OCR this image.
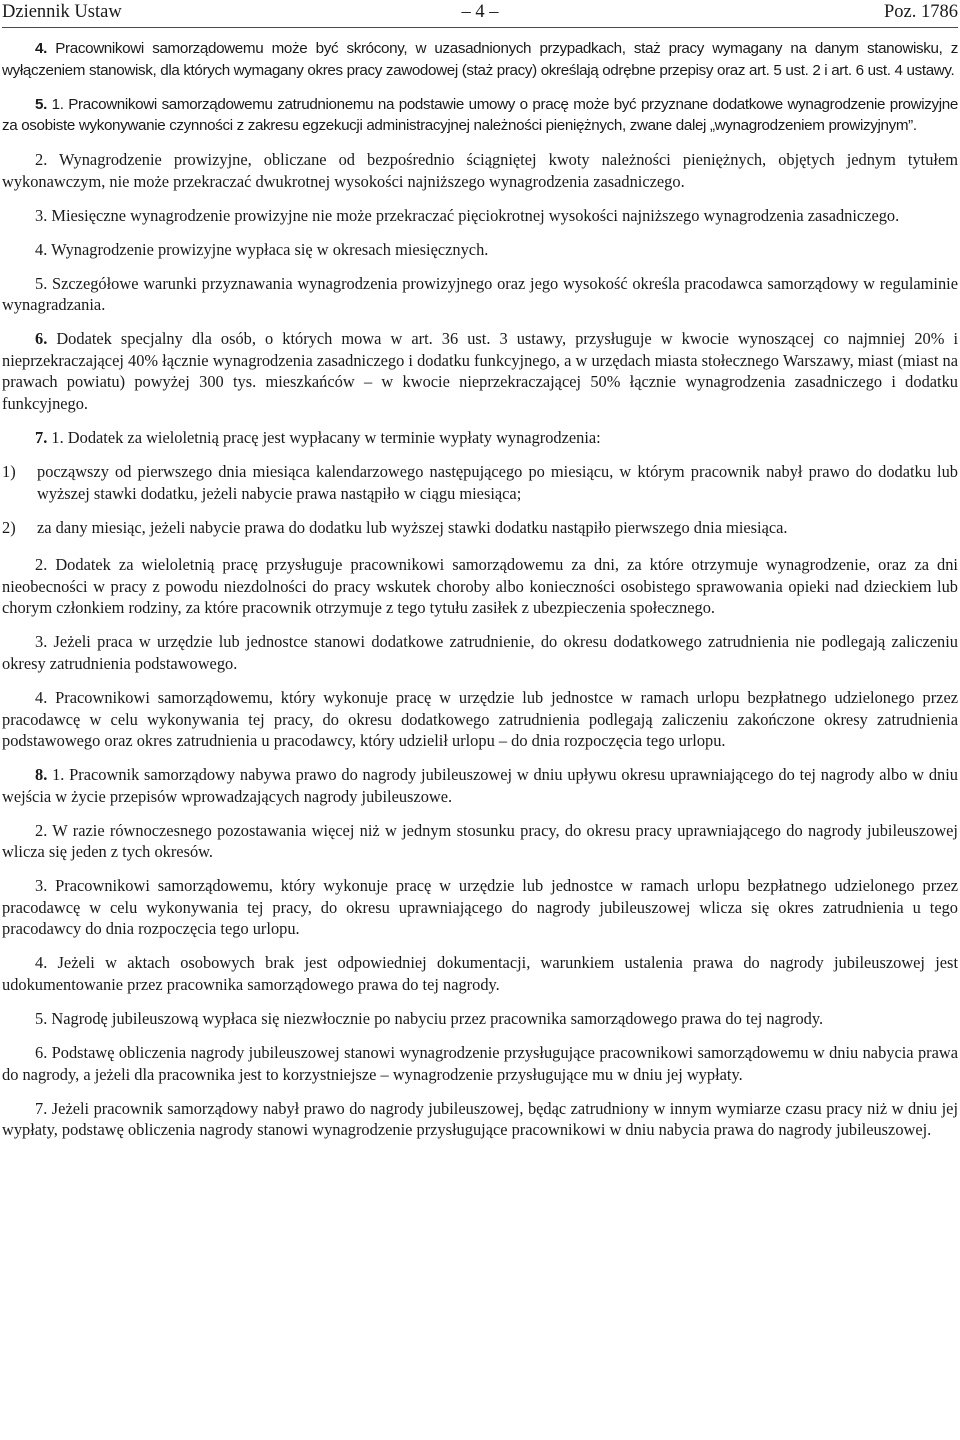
Dziennik Ustaw	– 4 –	Poz. 1786

4. Pracownikowi samorządowemu może być skrócony, w uzasadnionych przypadkach, staż pracy wymagany na danym stanowisku, z wyłączeniem stanowisk, dla których wymagany okres pracy zawodowej (staż pracy) określają odrębne przepisy oraz art. 5 ust. 2 i art. 6 ust. 4 ustawy.

5. 1. Pracownikowi samorządowemu zatrudnionemu na podstawie umowy o pracę może być przyznane dodatkowe wynagrodzenie prowizyjne za osobiste wykonywanie czynności z zakresu egzekucji administracyjnej należności pieniężnych, zwane dalej „wynagrodzeniem prowizyjnym”.

2. Wynagrodzenie prowizyjne, obliczane od bezpośrednio ściągniętej kwoty należności pieniężnych, objętych jednym tytułem wykonawczym, nie może przekraczać dwukrotnej wysokości najniższego wynagrodzenia zasadniczego.

3. Miesięczne wynagrodzenie prowizyjne nie może przekraczać pięciokrotnej wysokości najniższego wynagrodzenia zasadniczego.

4. Wynagrodzenie prowizyjne wypłaca się w okresach miesięcznych.

5. Szczegółowe warunki przyznawania wynagrodzenia prowizyjnego oraz jego wysokość określa pracodawca samorządowy w regulaminie wynagradzania.

6. Dodatek specjalny dla osób, o których mowa w art. 36 ust. 3 ustawy, przysługuje w kwocie wynoszącej co najmniej 20% i nieprzekraczającej 40% łącznie wynagrodzenia zasadniczego i dodatku funkcyjnego, a w urzędach miasta stołecznego Warszawy, miast (miast na prawach powiatu) powyżej 300 tys. mieszkańców – w kwocie nieprzekraczającej 50% łącznie wynagrodzenia zasadniczego i dodatku funkcyjnego.

7. 1. Dodatek za wieloletnią pracę jest wypłacany w terminie wypłaty wynagrodzenia:

1)	począwszy od pierwszego dnia miesiąca kalendarzowego następującego po miesiącu, w którym pracownik nabył prawo do dodatku lub wyższej stawki dodatku, jeżeli nabycie prawa nastąpiło w ciągu miesiąca;
2)	za dany miesiąc, jeżeli nabycie prawa do dodatku lub wyższej stawki dodatku nastąpiło pierwszego dnia miesiąca.

2. Dodatek za wieloletnią pracę przysługuje pracownikowi samorządowemu za dni, za które otrzymuje wynagrodzenie, oraz za dni nieobecności w pracy z powodu niezdolności do pracy wskutek choroby albo konieczności osobistego sprawowania opieki nad dzieckiem lub chorym członkiem rodziny, za które pracownik otrzymuje z tego tytułu zasiłek z ubezpieczenia społecznego.

3. Jeżeli praca w urzędzie lub jednostce stanowi dodatkowe zatrudnienie, do okresu dodatkowego zatrudnienia nie podlegają zaliczeniu okresy zatrudnienia podstawowego.

4. Pracownikowi samorządowemu, który wykonuje pracę w urzędzie lub jednostce w ramach urlopu bezpłatnego udzielonego przez pracodawcę w celu wykonywania tej pracy, do okresu dodatkowego zatrudnienia podlegają zaliczeniu zakończone okresy zatrudnienia podstawowego oraz okres zatrudnienia u pracodawcy, który udzielił urlopu – do dnia rozpoczęcia tego urlopu.

8. 1. Pracownik samorządowy nabywa prawo do nagrody jubileuszowej w dniu upływu okresu uprawniającego do tej nagrody albo w dniu wejścia w życie przepisów wprowadzających nagrody jubileuszowe.

2. W razie równoczesnego pozostawania więcej niż w jednym stosunku pracy, do okresu pracy uprawniającego do nagrody jubileuszowej wlicza się jeden z tych okresów.

3. Pracownikowi samorządowemu, który wykonuje pracę w urzędzie lub jednostce w ramach urlopu bezpłatnego udzielonego przez pracodawcę w celu wykonywania tej pracy, do okresu uprawniającego do nagrody jubileuszowej wlicza się okres zatrudnienia u tego pracodawcy do dnia rozpoczęcia tego urlopu.

4. Jeżeli w aktach osobowych brak jest odpowiedniej dokumentacji, warunkiem ustalenia prawa do nagrody jubileuszowej jest udokumentowanie przez pracownika samorządowego prawa do tej nagrody.

5. Nagrodę jubileuszową wypłaca się niezwłocznie po nabyciu przez pracownika samorządowego prawa do tej nagrody.

6. Podstawę obliczenia nagrody jubileuszowej stanowi wynagrodzenie przysługujące pracownikowi samorządowemu w dniu nabycia prawa do nagrody, a jeżeli dla pracownika jest to korzystniejsze – wynagrodzenie przysługujące mu w dniu jej wypłaty.

7. Jeżeli pracownik samorządowy nabył prawo do nagrody jubileuszowej, będąc zatrudniony w innym wymiarze czasu pracy niż w dniu jej wypłaty, podstawę obliczenia nagrody stanowi wynagrodzenie przysługujące pracownikowi w dniu nabycia prawa do nagrody jubileuszowej.
